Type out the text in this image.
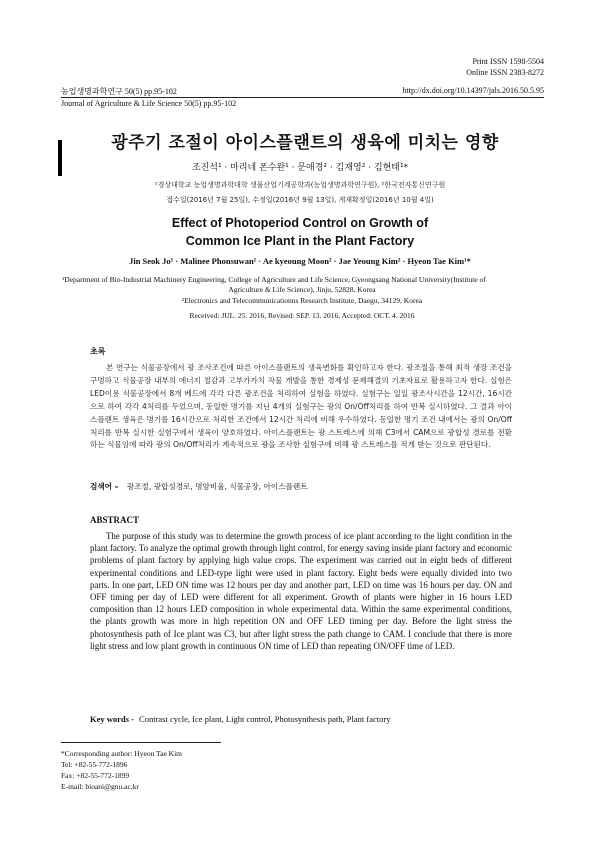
Print ISSN 1598-5504
Online ISSN 2383-8272
농업생명과학연구 50(5) pp.95-102	http://dx.doi.org/10.14397/jals.2016.50.5.95
Journal of Agriculture & Life Science 50(5) pp.95-102
광주기 조절이 아이스플랜트의 생육에 미치는 영향
조진석¹ · 마리네 폰수완¹ · 문애경² · 김재영² · 김현태¹*
¹경상대학교 농업생명과학대학 생물산업기계공학과(농업생명과학연구원), ²한국전자통신연구원
접수일(2016년 7월 25일), 수정일(2016년 9월 13일), 게재확정일(2016년 10월 4일)
Effect of Photoperiod Control on Growth of
Common Ice Plant in the Plant Factory
Jin Seok Jo¹ · Malinee Phonsuwan¹ · Ae kyeoung Moon² · Jae Yeoung Kim² · Hyeon Tae Kim¹*
¹Department of Bio-Industrial Machinery Engineering, College of Agriculture and Life Science, Gyeongsang National University(Institute of
Agriculture & Life Science), Jinju, 52828, Korea
²Electronics and Telecommunicationns Research Institute, Daegu, 34129, Korea
Received: JUL. 25. 2016, Revised: SEP. 13. 2016, Accepted: OCT. 4. 2016
초록
본 연구는 식물공장에서 광 조사조건에 따른 아이스플랜트의 생육변화를 확인하고자 한다. 광조절을 통해 최적 생장 조건을 구명하고 식물공장 내부의 에너지 절감과 고부가가치 작물 개발을 통한 경제성 문제해결의 기초자료로 활용하고자 한다. 실험은 LED이용 식물공장에서 8개 베드에 각각 다른 광조건을 처리하여 실험을 하였다. 실험구는 일일 광조사시간을 12시간, 16시간으로 하여 각각 4처리를 두었으며, 동일한 명기를 지닌 4개의 실험구는 광의 On/Off처리를 하여 반복 실시하였다. 그 결과 아이스플랜트 생육은 명기를 16시간으로 처리한 조건에서 12시간 처리에 비해 우수하였다. 동일한 명기 조건 내에서는 광의 On/Off처리를 반복 실시한 실험구에서 생육이 양호하였다. 아이스플랜트는 광 스트레스에 의해 C3에서 CAM으로 광합성 경로를 전환하는 식물임에 따라 광의 On/Off처리가 계속적으로 광을 조사한 실험구에 비해 광 스트레스를 적게 받는 것으로 판단된다.
검색어 – 광조절, 광합성경로, 명암비율, 식물공장, 아이스플랜트
ABSTRACT
The purpose of this study was to determine the growth process of ice plant according to the light condition in the plant factory. To analyze the optimal growth through light control, for energy saving inside plant factory and economic problems of plant factory by applying high value crops. The experiment was carried out in eight beds of different experimental conditions and LED-type light were used in plant factory. Eight beds were equally divided into two parts. In one part, LED ON time was 12 hours per day and another part, LED on time was 16 hours per day. ON and OFF timing per day of LED were different for all experiment. Growth of plants were higher in 16 hours LED composition than 12 hours LED composition in whole experimental data. Within the same experimental conditions, the plants growth was more in high repetition ON and OFF LED timing per day. Before the light stress the photosynthesis path of Ice plant was C3, but after light stress the path change to CAM. I conclude that there is more light stress and low plant growth in continuous ON time of LED than repeating ON/OFF time of LED.
Key words - Contrast cycle, Ice plant, Light control, Photosynthesis path, Plant factory
*Corresponding author: Hyeon Tae Kim
Tel: +82-55-772-1896
Fax: +82-55-772-1899
E-mail: bioani@gnu.ac.kr
